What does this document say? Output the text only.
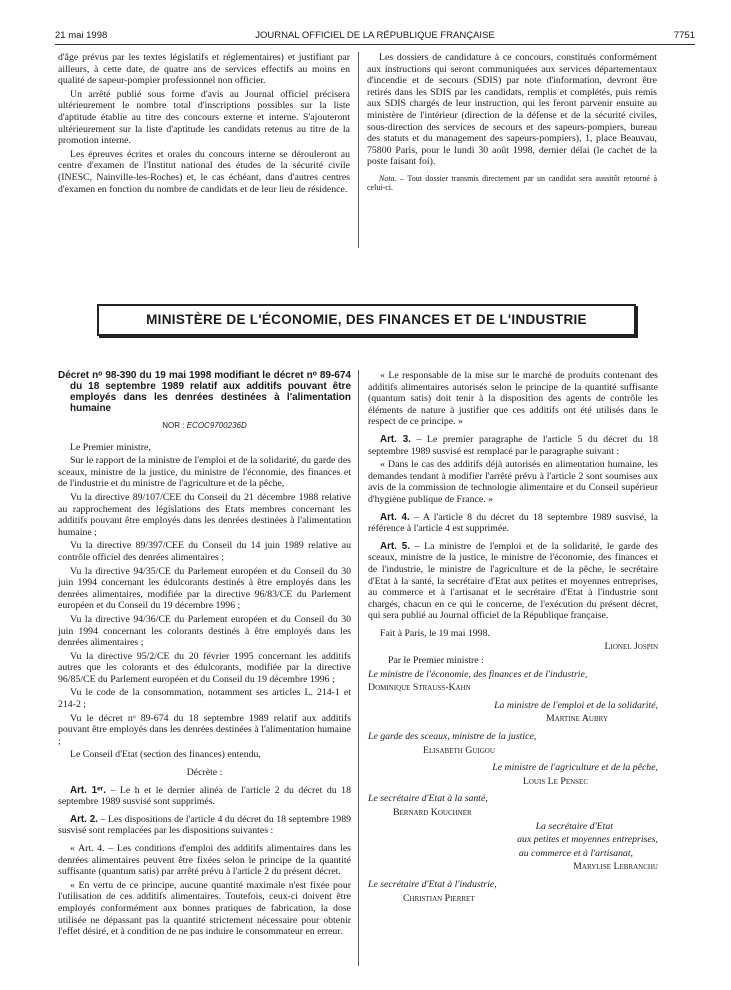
21 mai 1998	JOURNAL OFFICIEL DE LA RÉPUBLIQUE FRANÇAISE	7751

d'âge prévus par les textes législatifs et réglementaires) et justifiant par ailleurs, à cette date, de quatre ans de services effectifs au moins en qualité de sapeur-pompier professionnel non officier.

Un arrêté publié sous forme d'avis au Journal officiel précisera ultérieurement le nombre total d'inscriptions possibles sur la liste d'aptitude établie au titre des concours externe et interne. S'ajouteront ultérieurement sur la liste d'aptitude les candidats retenus au titre de la promotion interne.

Les épreuves écrites et orales du concours interne se dérouleront au centre d'examen de l'Institut national des études de la sécurité civile (INESC, Nainville-les-Roches) et, le cas échéant, dans d'autres centres d'examen en fonction du nombre de candidats et de leur lieu de résidence.

Les dossiers de candidature à ce concours, constitués conformément aux instructions qui seront communiquées aux services départementaux d'incendie et de secours (SDIS) par note d'information, devront être retirés dans les SDIS par les candidats, remplis et complétés, puis remis aux SDIS chargés de leur instruction, qui les feront parvenir ensuite au ministère de l'intérieur (direction de la défense et de la sécurité civiles, sous-direction des services de secours et des sapeurs-pompiers, bureau des statuts et du management des sapeurs-pompiers), 1, place Beauvau, 75800 Paris, pour le lundi 30 août 1998, dernier délai (le cachet de la poste faisant foi).

Nota. – Tout dossier transmis directement par un candidat sera aussitôt retourné à celui-ci.

MINISTÈRE DE L'ÉCONOMIE, DES FINANCES ET DE L'INDUSTRIE
Décret nᵒ 98-390 du 19 mai 1998 modifiant le décret nᵒ 89-674 du 18 septembre 1989 relatif aux additifs pouvant être employés dans les denrées destinées à l'alimentation humaine
NOR : ECOC9700236D

Le Premier ministre,

Sur le rapport de la ministre de l'emploi et de la solidarité, du garde des sceaux, ministre de la justice, du ministre de l'économie, des finances et de l'industrie et du ministre de l'agriculture et de la pêche,

Vu la directive 89/107/CEE du Conseil du 21 décembre 1988 relative au rapprochement des législations des Etats membres concernant les additifs pouvant être employés dans les denrées destinées à l'alimentation humaine ;

Vu la directive 89/397/CEE du Conseil du 14 juin 1989 relative au contrôle officiel des denrées alimentaires ;

Vu la directive 94/35/CE du Parlement européen et du Conseil du 30 juin 1994 concernant les édulcorants destinés à être employés dans les denrées alimentaires, modifiée par la directive 96/83/CE du Parlement européen et du Conseil du 19 décembre 1996 ;

Vu la directive 94/36/CE du Parlement européen et du Conseil du 30 juin 1994 concernant les colorants destinés à être employés dans les denrées alimentaires ;

Vu la directive 95/2/CE du 20 février 1995 concernant les additifs autres que les colorants et des édulcorants, modifiée par la directive 96/85/CE du Parlement européen et du Conseil du 19 décembre 1996 ;

Vu le code de la consommation, notamment ses articles L. 214-1 et 214-2 ;

Vu le décret nᵒ 89-674 du 18 septembre 1989 relatif aux additifs pouvant être employés dans les denrées destinées à l'alimentation humaine ;

Le Conseil d'Etat (section des finances) entendu,

Décrète :

Art. 1ᵉʳ. – Le h et le dernier alinéa de l'article 2 du décret du 18 septembre 1989 susvisé sont supprimés.

Art. 2. – Les dispositions de l'article 4 du décret du 18 septembre 1989 susvisé sont remplacées par les dispositions suivantes :

« Art. 4. – Les conditions d'emploi des additifs alimentaires dans les denrées alimentaires peuvent être fixées selon le principe de la quantité suffisante (quantum satis) par arrêté prévu à l'article 2 du présent décret.

« En vertu de ce principe, aucune quantité maximale n'est fixée pour l'utilisation de ces additifs alimentaires. Toutefois, ceux-ci doivent être employés conformément aux bonnes pratiques de fabrication, la dose utilisée ne dépassant pas la quantité strictement nécessaire pour obtenir l'effet désiré, et à condition de ne pas induire le consommateur en erreur.

« Le responsable de la mise sur le marché de produits contenant des additifs alimentaires autorisés selon le principe de la quantité suffisante (quantum satis) doit tenir à la disposition des agents de contrôle les éléments de nature à justifier que ces additifs ont été utilisés dans le respect de ce principe. »

Art. 3. – Le premier paragraphe de l'article 5 du décret du 18 septembre 1989 susvisé est remplacé par le paragraphe suivant :

« Dans le cas des additifs déjà autorisés en alimentation humaine, les demandes tendant à modifier l'arrêté prévu à l'article 2 sont soumises aux avis de la commission de technologie alimentaire et du Conseil supérieur d'hygiène publique de France. »

Art. 4. – A l'article 8 du décret du 18 septembre 1989 susvisé, la référence à l'article 4 est supprimée.

Art. 5. – La ministre de l'emploi et de la solidarité, le garde des sceaux, ministre de la justice, le ministre de l'économie, des finances et de l'industrie, le ministre de l'agriculture et de la pêche, le secrétaire d'Etat à la santé, la secrétaire d'Etat aux petites et moyennes entreprises, au commerce et à l'artisanat et le secrétaire d'Etat à l'industrie sont chargés, chacun en ce qui le concerne, de l'exécution du présent décret, qui sera publié au Journal officiel de la République française.

Fait à Paris, le 19 mai 1998.

Lionel Jospin

Par le Premier ministre :

Le ministre de l'économie, des finances et de l'industrie,

Dominique Strauss-Kahn

La ministre de l'emploi et de la solidarité,

Martine Aubry

Le garde des sceaux, ministre de la justice,

Elisabeth Guigou

Le ministre de l'agriculture et de la pêche,

Louis Le Pensec

Le secrétaire d'Etat à la santé,

Bernard Kouchner

La secrétaire d'Etat

aux petites et moyennes entreprises,

au commerce et à l'artisanat,

Marylise Lebranchu

Le secrétaire d'Etat à l'industrie,

Christian Pierret
